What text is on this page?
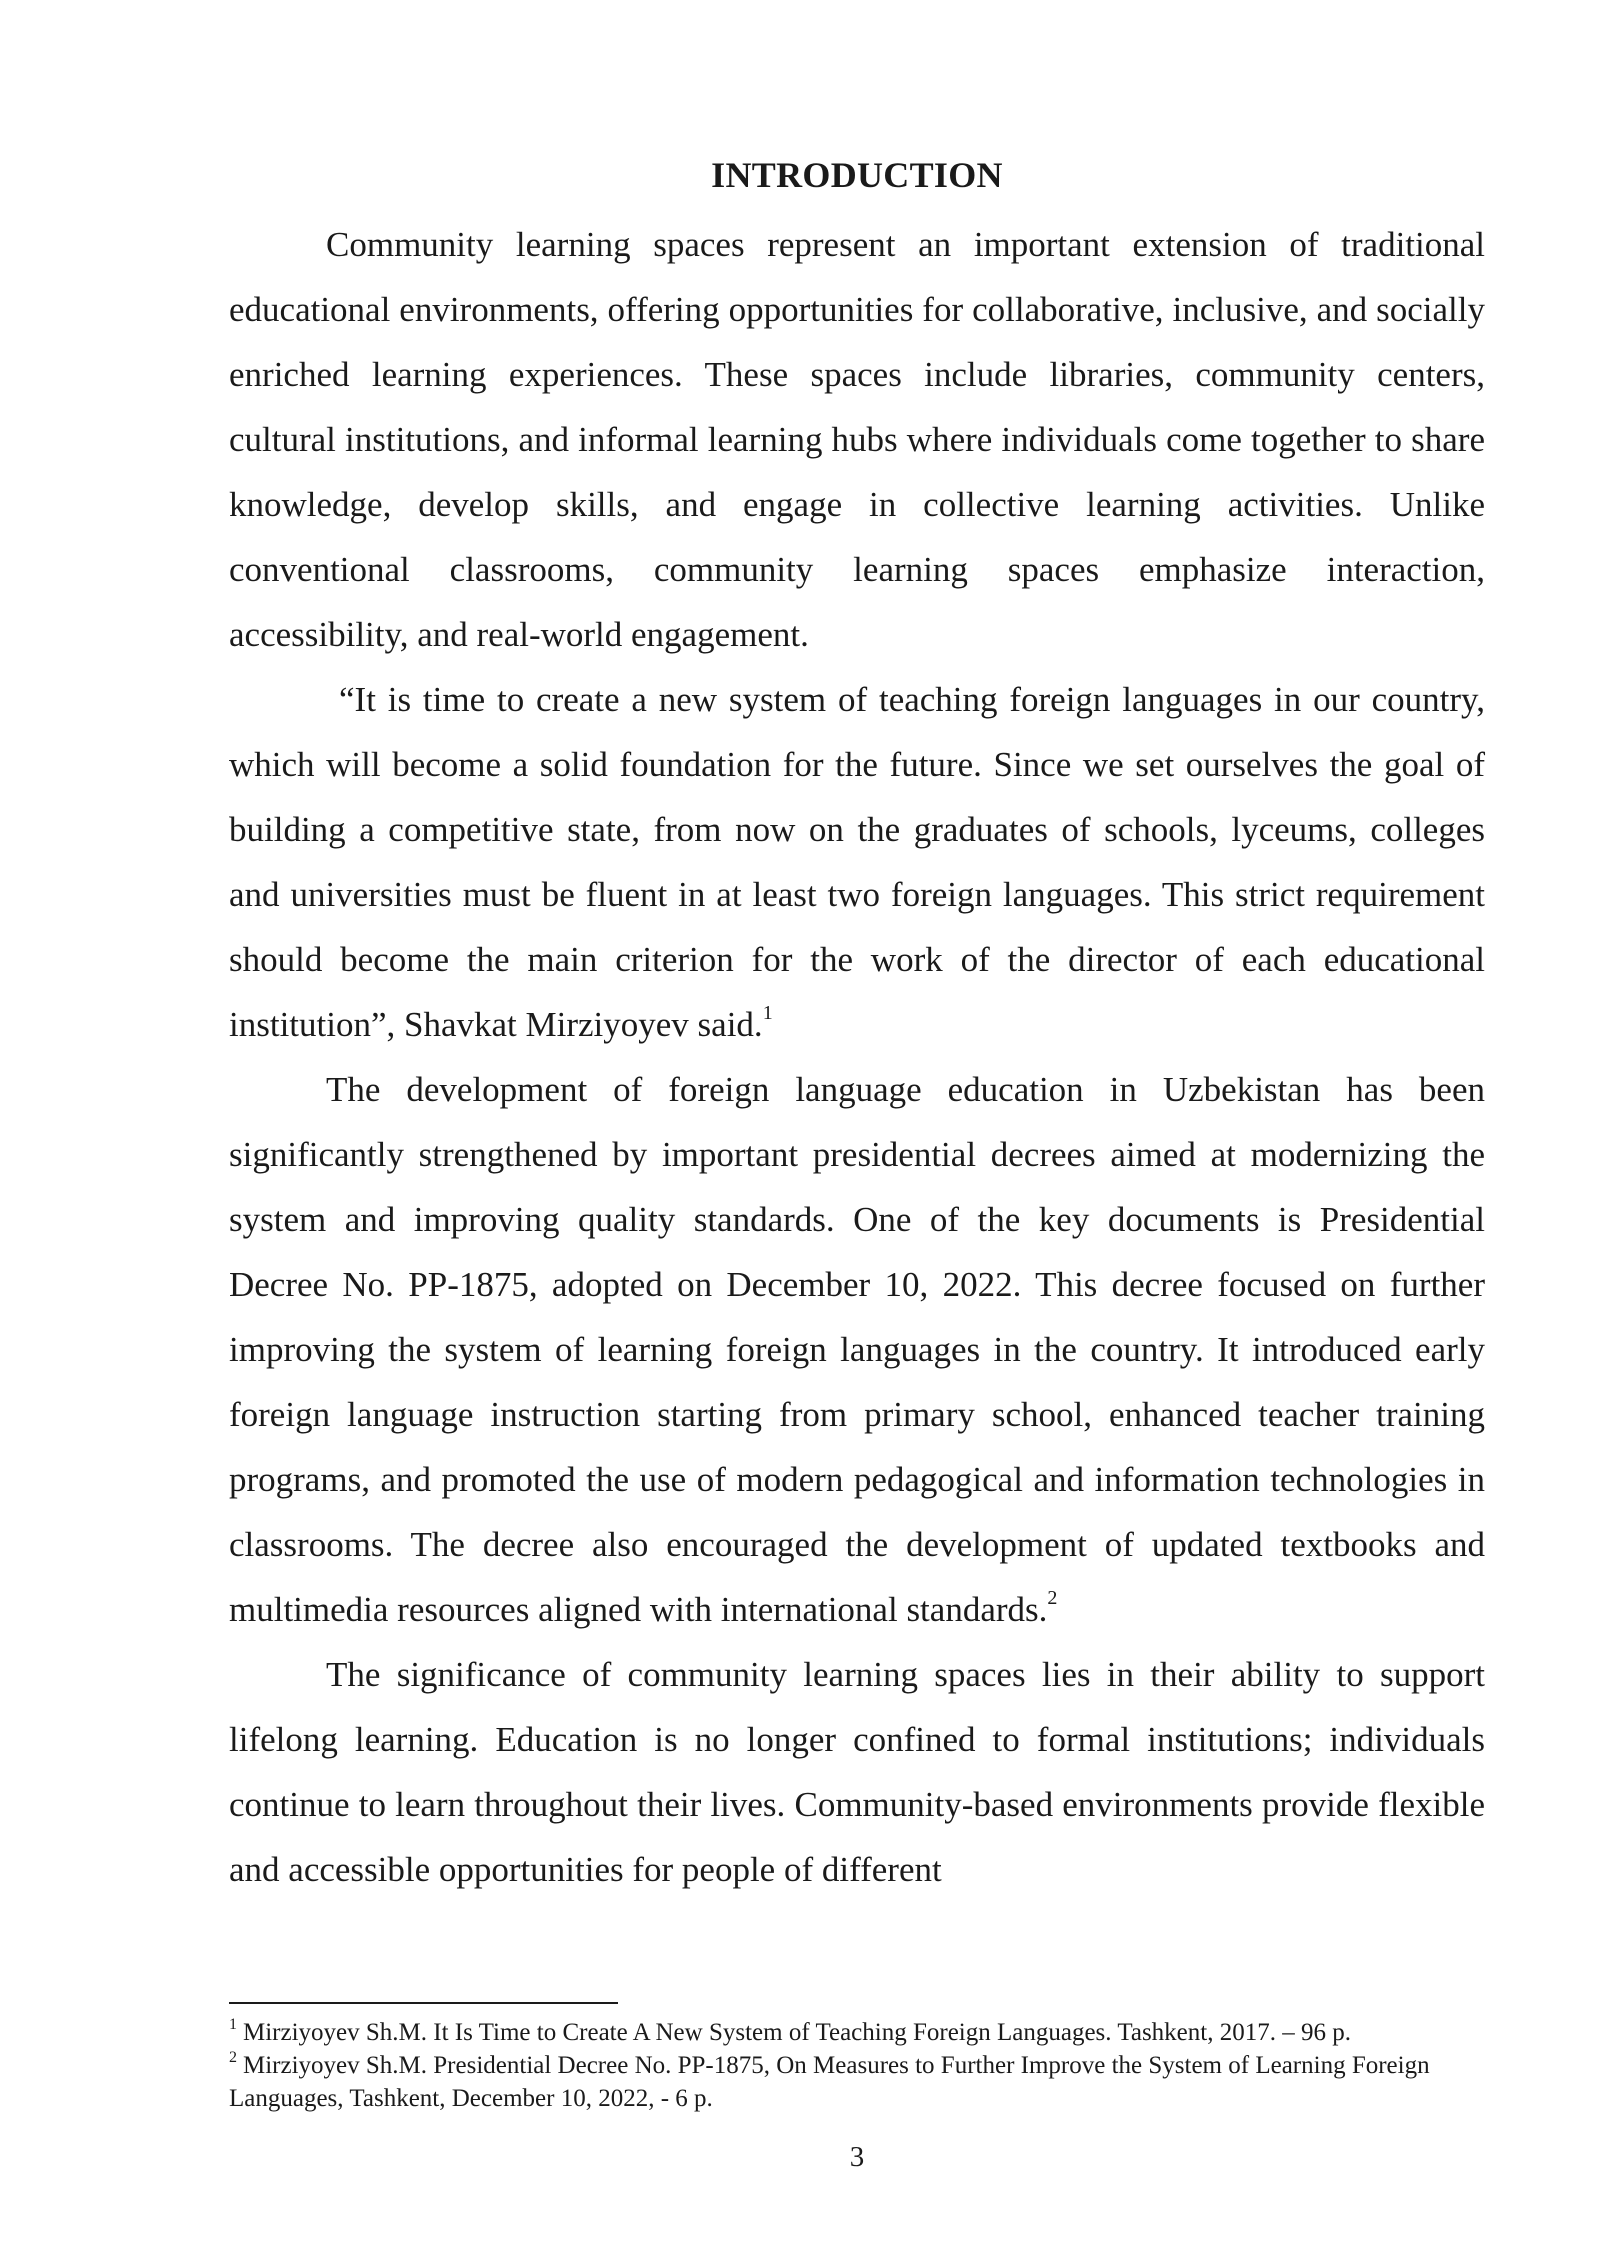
INTRODUCTION

Community learning spaces represent an important extension of traditional educational environments, offering opportunities for collaborative, inclusive, and socially enriched learning experiences. These spaces include libraries, community centers, cultural institutions, and informal learning hubs where individuals come together to share knowledge, develop skills, and engage in collective learning activities. Unlike conventional classrooms, community learning spaces emphasize interaction, accessibility, and real-world engagement.

“It is time to create a new system of teaching foreign languages in our country, which will become a solid foundation for the future. Since we set ourselves the goal of building a competitive state, from now on the graduates of schools, lyceums, colleges and universities must be fluent in at least two foreign languages. This strict requirement should become the main criterion for the work of the director of each educational institution”, Shavkat Mirziyoyev said.$^1$

The development of foreign language education in Uzbekistan has been significantly strengthened by important presidential decrees aimed at modernizing the system and improving quality standards. One of the key documents is Presidential Decree No. PP-1875, adopted on December 10, 2022. This decree focused on further improving the system of learning foreign languages in the country. It introduced early foreign language instruction starting from primary school, enhanced teacher training programs, and promoted the use of modern pedagogical and information technologies in classrooms. The decree also encouraged the development of updated textbooks and multimedia resources aligned with international standards.$^2$

The significance of community learning spaces lies in their ability to support lifelong learning. Education is no longer confined to formal institutions; individuals continue to learn throughout their lives. Community-based environments provide flexible and accessible opportunities for people of different

$^1$ Mirziyoyev Sh.M. It Is Time to Create A New System of Teaching Foreign Languages. Tashkent, 2017. – 96 p.

$^2$ Mirziyoyev Sh.M. Presidential Decree No. PP-1875, On Measures to Further Improve the System of Learning Foreign Languages, Tashkent, December 10, 2022, - 6 p.

3
